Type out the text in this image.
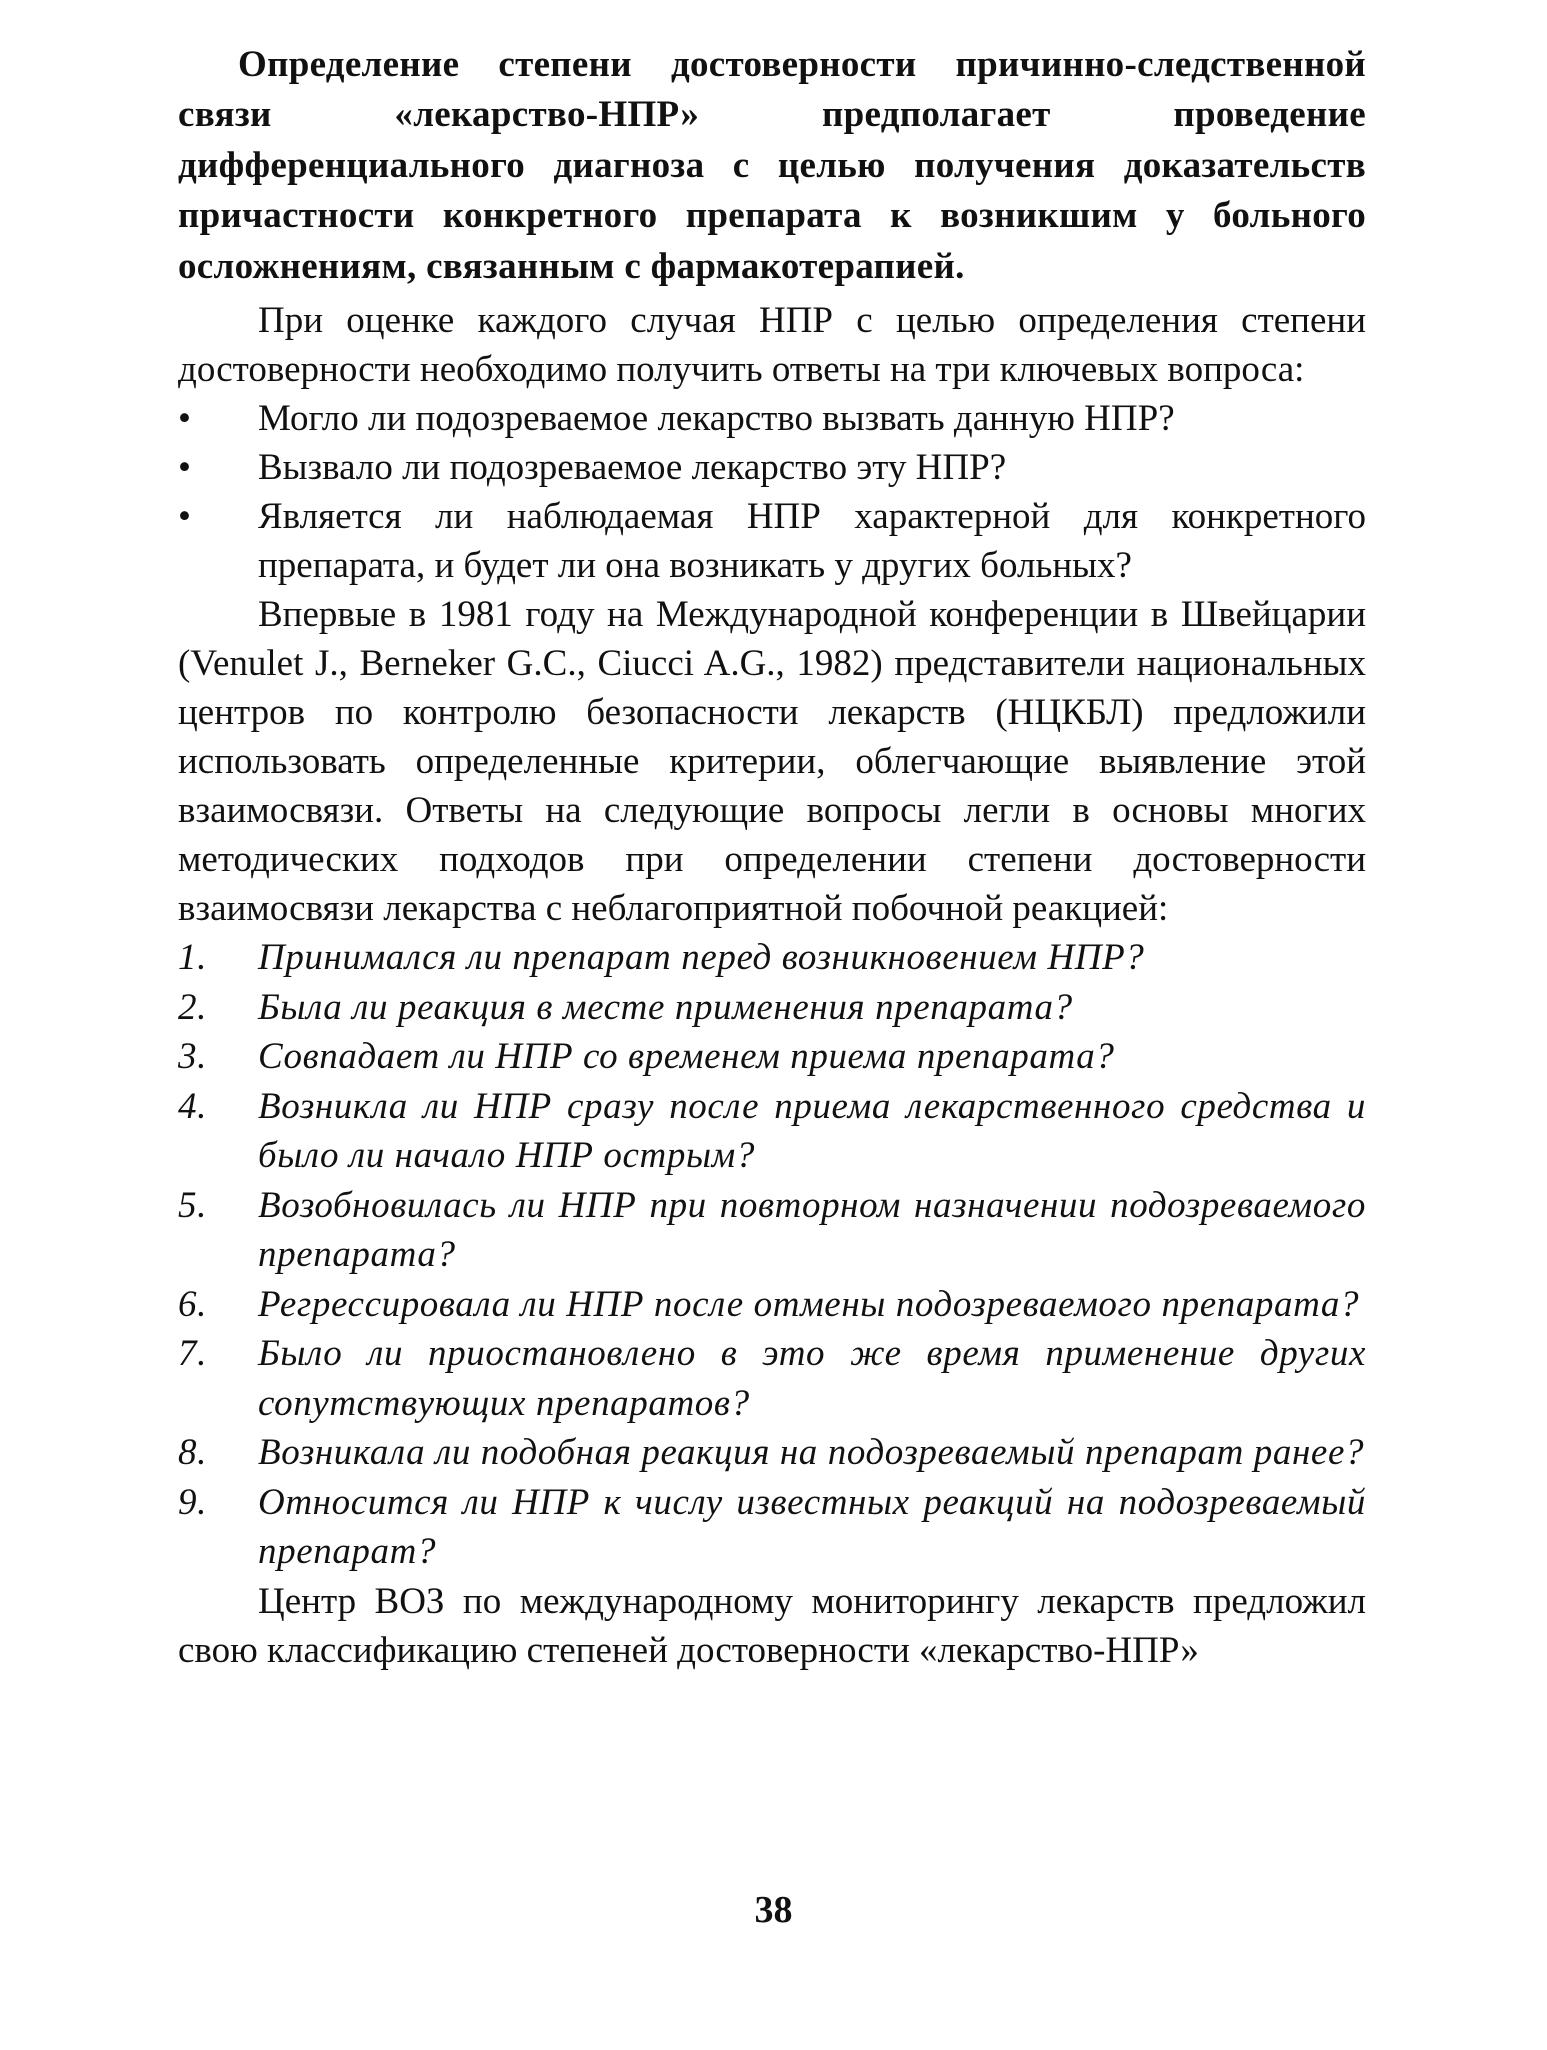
Определение степени достоверности причинно-следственной связи «лекарство-НПР» предполагает проведение дифференциального диагноза с целью получения доказательств причастности конкретного препарата к возникшим у больного осложнениям, связанным с фармакотерапией.

При оценке каждого случая НПР с целью определения степени достоверности необходимо получить ответы на три ключевых вопроса:

•	Могло ли подозреваемое лекарство вызвать данную НПР?
•	Вызвало ли подозреваемое лекарство эту НПР?
•	Является ли наблюдаемая НПР характерной для конкретного препарата, и будет ли она возникать у других больных?

Впервые в 1981 году на Международной конференции в Швейцарии (Venulet J., Berneker G.C., Ciucci A.G., 1982) представители национальных центров по контролю безопасности лекарств (НЦКБЛ) предложили использовать определенные критерии, облегчающие выявление этой взаимосвязи. Ответы на следующие вопросы легли в основы многих методических подходов при определении степени достоверности взаимосвязи лекарства с неблагоприятной побочной реакцией:

1.	Принимался ли препарат перед возникновением НПР?
2.	Была ли реакция в месте применения препарата?
3.	Совпадает ли НПР со временем приема препарата?
4.	Возникла ли НПР сразу после приема лекарственного средства и было ли начало НПР острым?
5.	Возобновилась ли НПР при повторном назначении подозреваемого препарата?
6.	Регрессировала ли НПР после отмены подозреваемого препарата?
7.	Было ли приостановлено в это же время применение других сопутствующих препаратов?
8.	Возникала ли подобная реакция на подозреваемый препарат ранее?
9.	Относится ли НПР к числу известных реакций на подозреваемый препарат?

Центр ВОЗ по международному мониторингу лекарств предложил свою классификацию степеней достоверности «лекарство-НПР»

38
